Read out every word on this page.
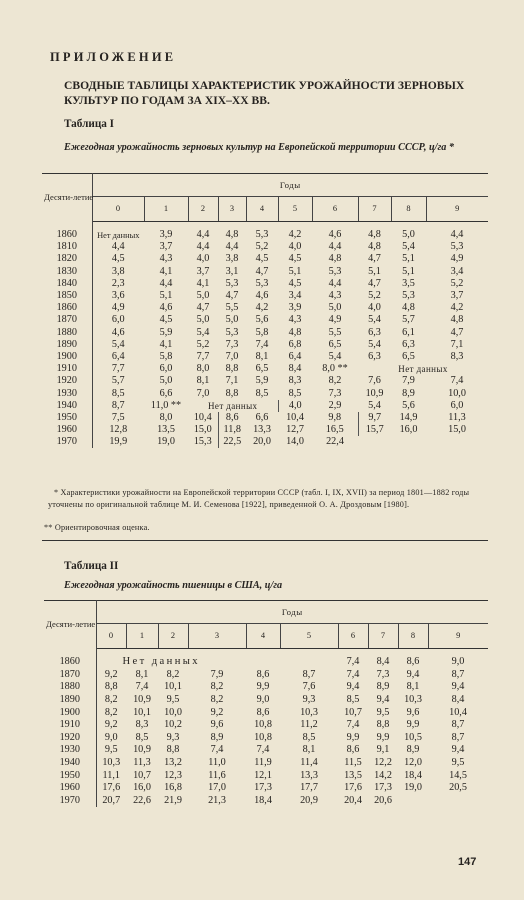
ПРИЛОЖЕНИЕ
СВОДНЫЕ ТАБЛИЦЫ ХАРАКТЕРИСТИК УРОЖАЙНОСТИ ЗЕРНОВЫХ КУЛЬТУР ПО ГОДАМ ЗА XIX–XX ВВ.
Таблица I
Ежегодная урожайность зерновых культур на Европейской территории СССР, ц/га *
Десяти-летие	Годы									
	0	1	2	3	4	5	6	7	8	9

1860	Нет данных	3,9	4,4	4,8	5,3	4,2	4,6	4,8	5,0	4,4
1810	4,4	3,7	4,4	4,4	5,2	4,0	4,4	4,8	5,4	5,3
1820	4,5	4,3	4,0	3,8	4,5	4,5	4,8	4,7	5,1	4,9
1830	3,8	4,1	3,7	3,1	4,7	5,1	5,3	5,1	5,1	3,4
1840	2,3	4,4	4,1	5,3	5,3	4,5	4,4	4,7	3,5	5,2
1850	3,6	5,1	5,0	4,7	4,6	3,4	4,3	5,2	5,3	3,7
1860	4,9	4,6	4,7	5,5	4,2	3,9	5,0	4,0	4,8	4,2
1870	6,0	4,5	5,0	5,0	5,6	4,3	4,9	5,4	5,7	4,8
1880	4,6	5,9	5,4	5,3	5,8	4,8	5,5	6,3	6,1	4,7
1890	5,4	4,1	5,2	7,3	7,4	6,8	6,5	5,4	6,3	7,1
1900	6,4	5,8	7,7	7,0	8,1	6,4	5,4	6,3	6,5	8,3
1910	7,7	6,0	8,0	8,8	6,5	8,4	8,0 **	Нет данных		
1920	5,7	5,0	8,1	7,1	5,9	8,3	8,2	7,6	7,9	7,4
1930	8,5	6,6	7,0	8,8	8,5	8,5	7,3	10,9	8,9	10,0
1940	8,7	11,0 **	Нет данных			4,0	2,9	5,4	5,6	6,0
1950	7,5	8,0	10,4	8,6	6,6	10,4	9,8	9,7	14,9	11,3
1960	12,8	13,5	15,0	11,8	13,3	12,7	16,5	15,7	16,0	15,0
1970	19,9	19,0	15,3	22,5	20,0	14,0	22,4			
* Характеристики урожайности на Европейской территории СССР (табл. I, IX, XVII) за период 1801—1882 годы уточнены по оригинальной таблице М. И. Семенова [1922], приведенной О. А. Дроздовым [1980].
** Ориентировочная оценка.
Таблица II
Ежегодная урожайность пшеницы в США, ц/га
Десяти-летие	Годы									
	0	1	2	3	4	5	6	7	8	9

1860	Нет данных						7,4	8,4	8,6	9,0
1870	9,2	8,1	8,2	7,9	8,6	8,7	7,4	7,3	9,4	8,7
1880	8,8	7,4	10,1	8,2	9,9	7,6	9,4	8,9	8,1	9,4
1890	8,2	10,9	9,5	8,2	9,0	9,3	8,5	9,4	10,3	8,4
1900	8,2	10,1	10,0	9,2	8,6	10,3	10,7	9,5	9,6	10,4
1910	9,2	8,3	10,2	9,6	10,8	11,2	7,4	8,8	9,9	8,7
1920	9,0	8,5	9,3	8,9	10,8	8,5	9,9	9,9	10,5	8,7
1930	9,5	10,9	8,8	7,4	7,4	8,1	8,6	9,1	8,9	9,4
1940	10,3	11,3	13,2	11,0	11,9	11,4	11,5	12,2	12,0	9,5
1950	11,1	10,7	12,3	11,6	12,1	13,3	13,5	14,2	18,4	14,5
1960	17,6	16,0	16,8	17,0	17,3	17,7	17,6	17,3	19,0	20,5
1970	20,7	22,6	21,9	21,3	18,4	20,9	20,4	20,6		
147
